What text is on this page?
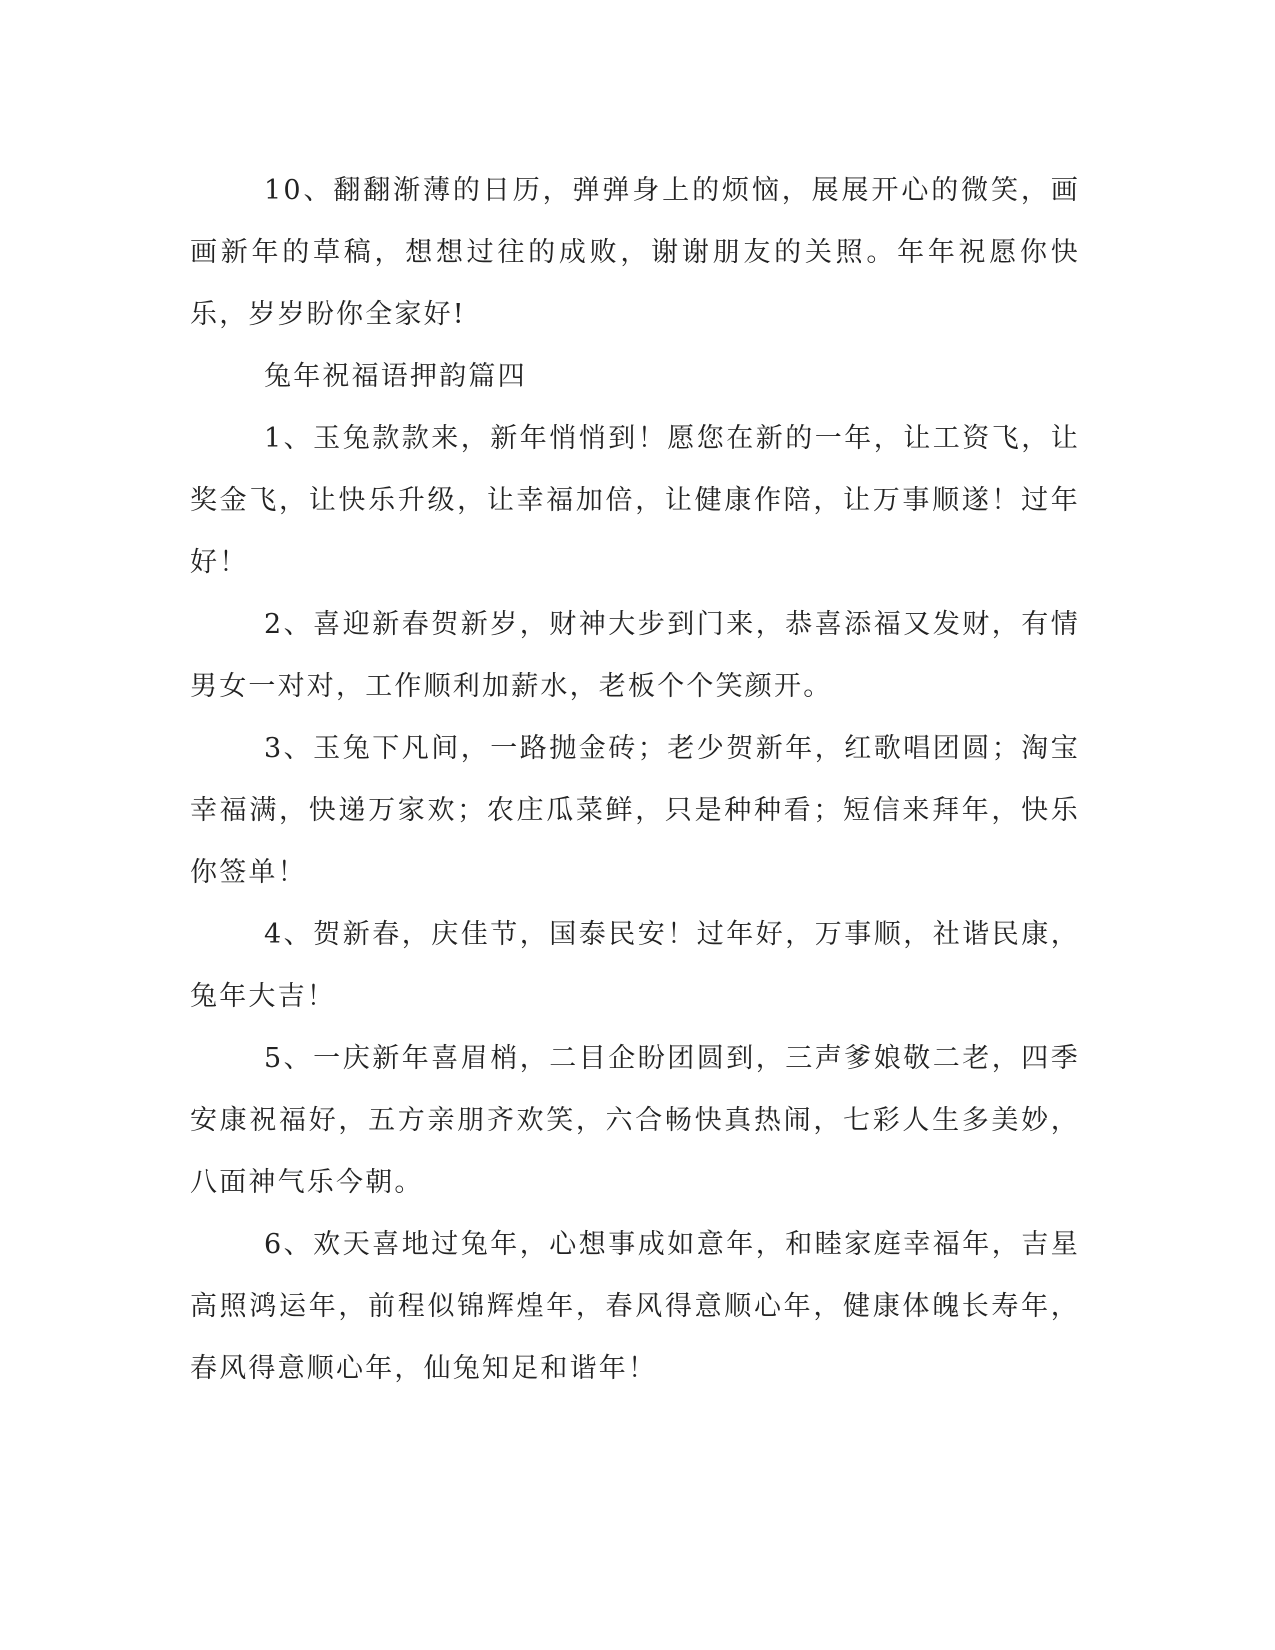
10、翻翻渐薄的日历，弹弹身上的烦恼，展展开心的微笑，画画新年的草稿，想想过往的成败，谢谢朋友的关照。年年祝愿你快乐，岁岁盼你全家好!

兔年祝福语押韵篇四

1、玉兔款款来，新年悄悄到！愿您在新的一年，让工资飞，让奖金飞，让快乐升级，让幸福加倍，让健康作陪，让万事顺遂！过年好！

2、喜迎新春贺新岁，财神大步到门来，恭喜添福又发财，有情男女一对对，工作顺利加薪水，老板个个笑颜开。

3、玉兔下凡间，一路抛金砖；老少贺新年，红歌唱团圆；淘宝幸福满，快递万家欢；农庄瓜菜鲜，只是种种看；短信来拜年，快乐你签单！

4、贺新春，庆佳节，国泰民安！过年好，万事顺，社谐民康，兔年大吉！

5、一庆新年喜眉梢，二目企盼团圆到，三声爹娘敬二老，四季安康祝福好，五方亲朋齐欢笑，六合畅快真热闹，七彩人生多美妙，八面神气乐今朝。

6、欢天喜地过兔年，心想事成如意年，和睦家庭幸福年，吉星高照鸿运年，前程似锦辉煌年，春风得意顺心年，健康体魄长寿年，春风得意顺心年，仙兔知足和谐年！
